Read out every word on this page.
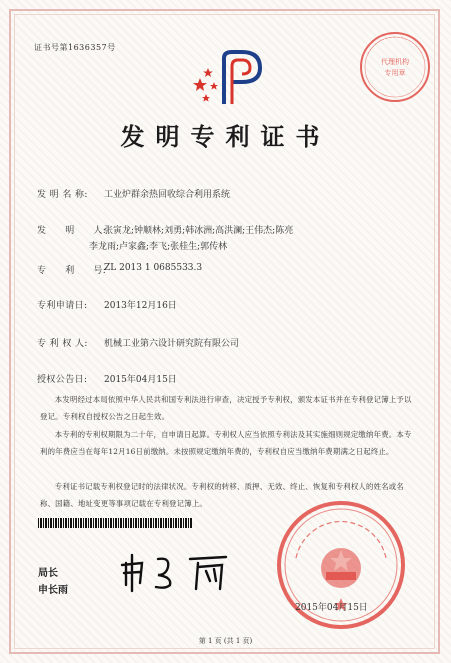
证书号第1636357号
代理机构
专用章
发明专利证书
发 明 名 称: 工业炉群余热回收综合利用系统
发　　明　　人:
张寅龙;钟顺林;刘勇;韩冰洲;高洪澜;王伟杰;陈亮
李龙雨;卢家鑫;李飞;张桂生;郭传林
专　　利　　号:
ZL 2013 1 0685533.3
专利申请日: 2013年12月16日
专 利 权 人: 机械工业第六设计研究院有限公司
授权公告日: 2015年04月15日
本发明经过本局依照中华人民共和国专利法进行审查，决定授予专利权，颁发本证书并在专利登记簿上予以登记。专利权自授权公告之日起生效。
本专利的专利权期限为二十年，自申请日起算。专利权人应当依照专利法及其实施细则规定缴纳年费。本专利的年费应当在每年12月16日前缴纳。未按照规定缴纳年费的，专利权自应当缴纳年费期满之日起终止。
专利证书记载专利权登记时的法律状况。专利权的转移、质押、无效、终止、恢复和专利权人的姓名或名称、国籍、地址变更等事项记载在专利登记簿上。
局长
申长雨
2015年04月15日
第 1 页 (共 1 页)
